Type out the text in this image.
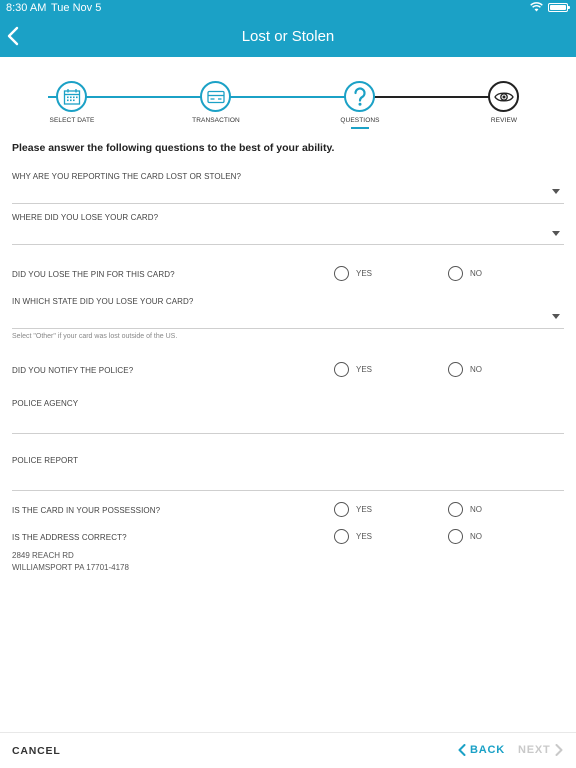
8:30 AM Tue Nov 5
Lost or Stolen
SELECT DATE	TRANSACTION	QUESTIONS	REVIEW
Please answer the following questions to the best of your ability.
WHY ARE YOU REPORTING THE CARD LOST OR STOLEN?
WHERE DID YOU LOSE YOUR CARD?
DID YOU LOSE THE PIN FOR THIS CARD?	YES	NO
IN WHICH STATE DID YOU LOSE YOUR CARD?
Select "Other" if your card was lost outside of the US.
DID YOU NOTIFY THE POLICE?	YES	NO
POLICE AGENCY
POLICE REPORT
IS THE CARD IN YOUR POSSESSION?	YES	NO
IS THE ADDRESS CORRECT?	YES	NO
2849 REACH RD
WILLIAMSPORT PA 17701-4178
CANCEL	BACK NEXT
